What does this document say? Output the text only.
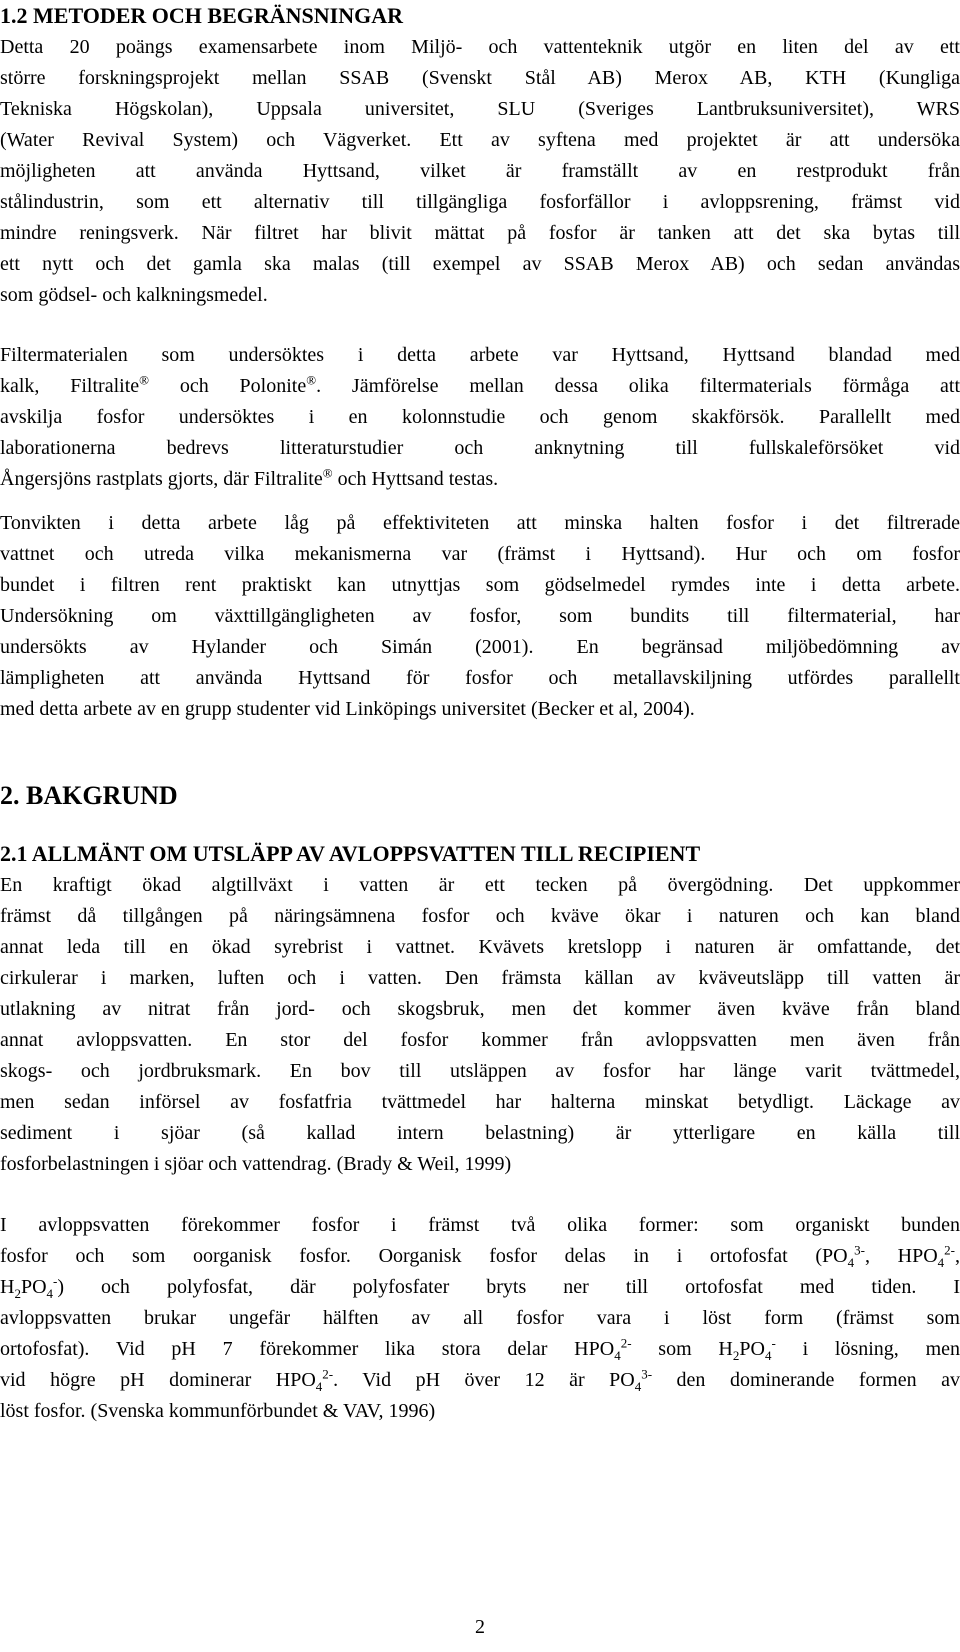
1.2 METODER OCH BEGRÄNSNINGAR
Detta 20 poängs examensarbete inom Miljö- och vattenteknik utgör en liten del av ett
större forskningsprojekt mellan SSAB (Svenskt Stål AB) Merox AB, KTH (Kungliga
Tekniska Högskolan), Uppsala universitet, SLU (Sveriges Lantbruksuniversitet), WRS
(Water Revival System) och Vägverket. Ett av syftena med projektet är att undersöka
möjligheten att använda Hyttsand, vilket är framställt av en restprodukt från
stålindustrin, som ett alternativ till tillgängliga fosforfällor i avloppsrening, främst vid
mindre reningsverk. När filtret har blivit mättat på fosfor är tanken att det ska bytas till
ett nytt och det gamla ska malas (till exempel av SSAB Merox AB) och sedan användas
som gödsel- och kalkningsmedel.
Filtermaterialen som undersöktes i detta arbete var Hyttsand, Hyttsand blandad med
kalk, Filtralite® och Polonite®. Jämförelse mellan dessa olika filtermaterials förmåga att
avskilja fosfor undersöktes i en kolonnstudie och genom skakförsök. Parallellt med
laborationerna bedrevs litteraturstudier och anknytning till fullskaleförsöket vid
Ångersjöns rastplats gjorts, där Filtralite® och Hyttsand testas.
Tonvikten i detta arbete låg på effektiviteten att minska halten fosfor i det filtrerade
vattnet och utreda vilka mekanismerna var (främst i Hyttsand). Hur och om fosfor
bundet i filtren rent praktiskt kan utnyttjas som gödselmedel rymdes inte i detta arbete.
Undersökning om växttillgängligheten av fosfor, som bundits till filtermaterial, har
undersökts av Hylander och Simán (2001). En begränsad miljöbedömning av
lämpligheten att använda Hyttsand för fosfor och metallavskiljning utfördes parallellt
med detta arbete av en grupp studenter vid Linköpings universitet (Becker et al, 2004).
2. BAKGRUND
2.1 ALLMÄNT OM UTSLÄPP AV AVLOPPSVATTEN TILL RECIPIENT
En kraftigt ökad algtillväxt i vatten är ett tecken på övergödning. Det uppkommer
främst då tillgången på näringsämnena fosfor och kväve ökar i naturen och kan bland
annat leda till en ökad syrebrist i vattnet. Kvävets kretslopp i naturen är omfattande, det
cirkulerar i marken, luften och i vatten. Den främsta källan av kväveutsläpp till vatten är
utlakning av nitrat från jord- och skogsbruk, men det kommer även kväve från bland
annat avloppsvatten. En stor del fosfor kommer från avloppsvatten men även från
skogs- och jordbruksmark. En bov till utsläppen av fosfor har länge varit tvättmedel,
men sedan införsel av fosfatfria tvättmedel har halterna minskat betydligt. Läckage av
sediment i sjöar (så kallad intern belastning) är ytterligare en källa till
fosforbelastningen i sjöar och vattendrag. (Brady & Weil, 1999)
I avloppsvatten förekommer fosfor i främst två olika former: som organiskt bunden
fosfor och som oorganisk fosfor. Oorganisk fosfor delas in i ortofosfat ($PO_4^{3-}$, $HPO_4^{2-}$,
$H_2PO_4^-$) och polyfosfat, där polyfosfater bryts ner till ortofosfat med tiden. I
avloppsvatten brukar ungefär hälften av all fosfor vara i löst form (främst som
ortofosfat). Vid pH 7 förekommer lika stora delar $HPO_4^{2-}$ som $H_2PO_4^-$ i lösning, men
vid högre pH dominerar $HPO_4^{2-}$. Vid pH över 12 är $PO_4^{3-}$ den dominerande formen av
löst fosfor. (Svenska kommunförbundet & VAV, 1996)
2
